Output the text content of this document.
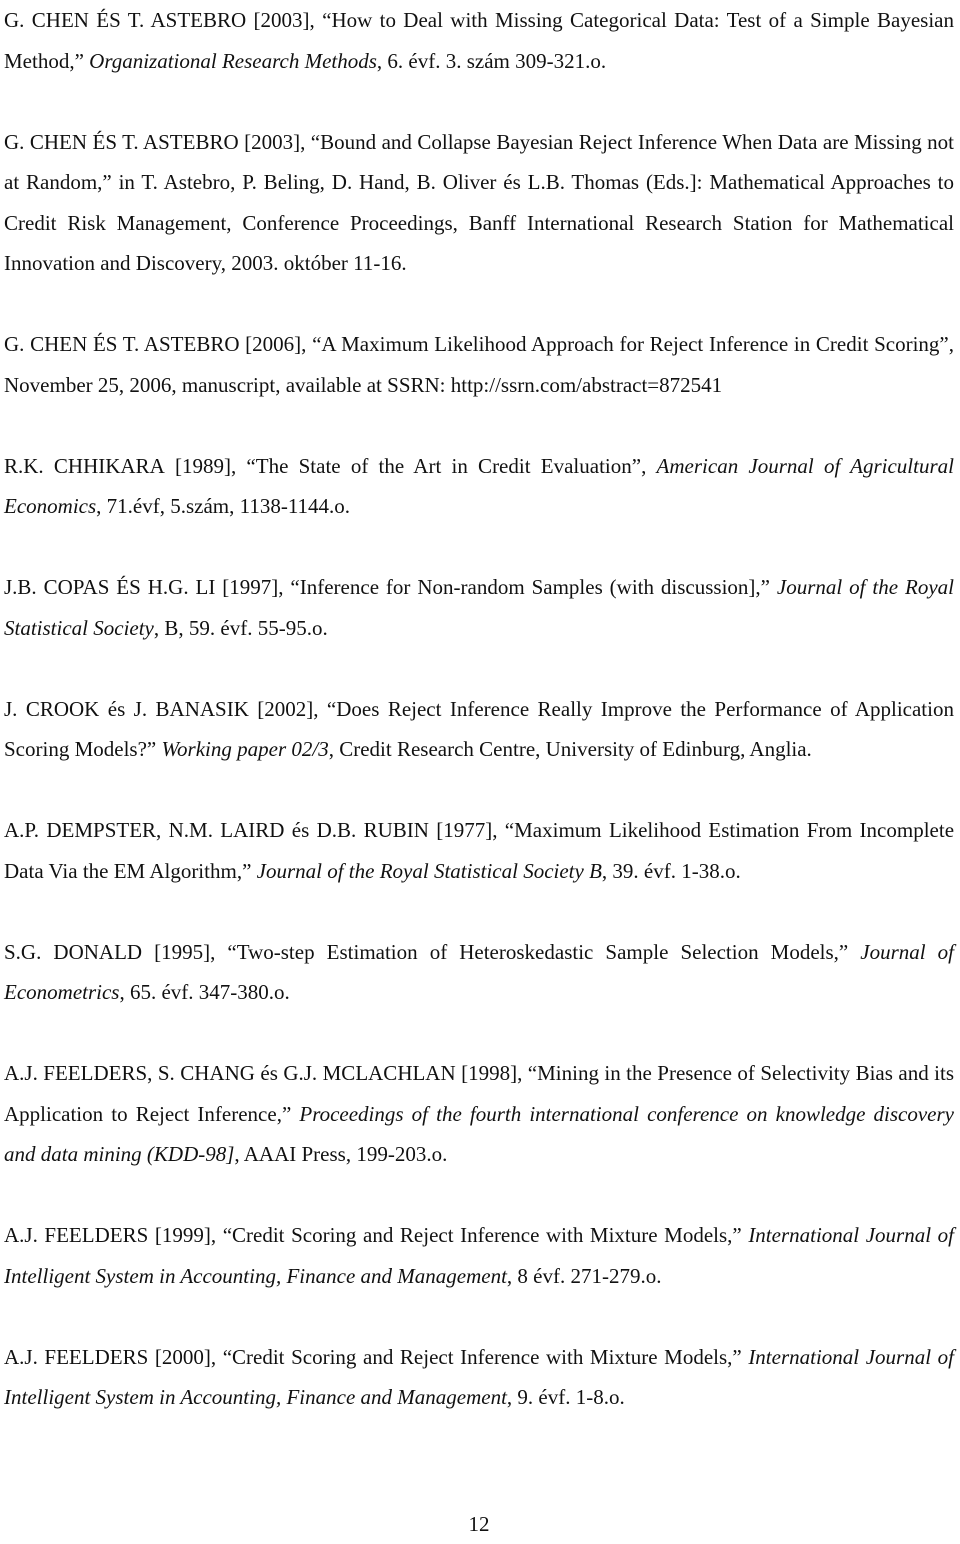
G. CHEN ÉS T. ASTEBRO [2003], “How to Deal with Missing Categorical Data: Test of a Simple Bayesian Method,” Organizational Research Methods, 6. évf. 3. szám 309-321.o.

G. CHEN ÉS T. ASTEBRO [2003], “Bound and Collapse Bayesian Reject Inference When Data are Missing not at Random,” in T. Astebro, P. Beling, D. Hand, B. Oliver és L.B. Thomas (Eds.]: Mathematical Approaches to Credit Risk Management, Conference Proceedings, Banff International Research Station for Mathematical Innovation and Discovery, 2003. október 11-16.

G. CHEN ÉS T. ASTEBRO [2006], “A Maximum Likelihood Approach for Reject Inference in Credit Scoring”, November 25, 2006, manuscript, available at SSRN: http://ssrn.com/abstract=872541

R.K. CHHIKARA [1989], “The State of the Art in Credit Evaluation”, American Journal of Agricultural Economics, 71.évf, 5.szám, 1138-1144.o.

J.B. COPAS ÉS H.G. LI [1997], “Inference for Non-random Samples (with discussion],” Journal of the Royal Statistical Society, B, 59. évf. 55-95.o.

J. CROOK és J. BANASIK [2002], “Does Reject Inference Really Improve the Performance of Application Scoring Models?” Working paper 02/3, Credit Research Centre, University of Edinburg, Anglia.

A.P. DEMPSTER, N.M. LAIRD és D.B. RUBIN [1977], “Maximum Likelihood Estimation From Incomplete Data Via the EM Algorithm,” Journal of the Royal Statistical Society B, 39. évf. 1-38.o.

S.G. DONALD [1995], “Two-step Estimation of Heteroskedastic Sample Selection Models,” Journal of Econometrics, 65. évf. 347-380.o.

A.J. FEELDERS, S. CHANG és G.J. MCLACHLAN [1998], “Mining in the Presence of Selectivity Bias and its Application to Reject Inference,” Proceedings of the fourth international conference on knowledge discovery and data mining (KDD-98], AAAI Press, 199-203.o.

A.J. FEELDERS [1999], “Credit Scoring and Reject Inference with Mixture Models,” International Journal of Intelligent System in Accounting, Finance and Management, 8 évf. 271-279.o.

A.J. FEELDERS [2000], “Credit Scoring and Reject Inference with Mixture Models,” International Journal of Intelligent System in Accounting, Finance and Management, 9. évf. 1-8.o.

12
